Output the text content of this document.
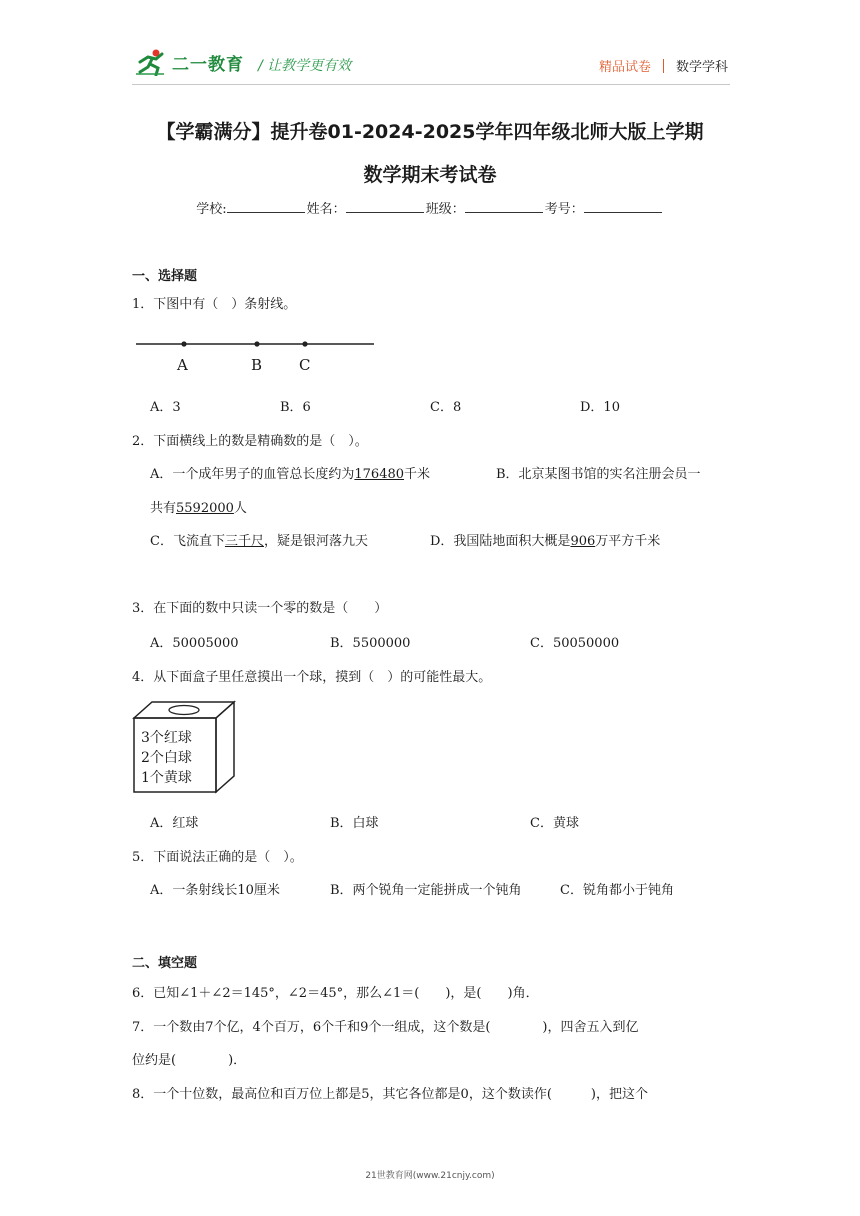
二一教育 / 让教学更有效	精品试卷 数学学科
【学霸满分】提升卷01-2024-2025学年四年级北师大版上学期
数学期末考试卷
学校:	姓名：	班级：	考号：
一、选择题
1．下图中有（　）条射线。
A	B C
A．3	B．6	C．8	D．10
2．下面横线上的数是精确数的是（　）。
A．一个成年男子的血管总长度约为176480千米	B．北京某图书馆的实名注册会员一
共有5592000人
C．飞流直下三千尺，疑是银河落九天	D．我国陆地面积大概是906万平方千米
3．在下面的数中只读一个零的数是（　　）
A．50005000	B．5500000	C．50050000
4．从下面盒子里任意摸出一个球，摸到（　）的可能性最大。
3个红球
2个白球
1个黄球
A．红球	B．白球	C．黄球
5．下面说法正确的是（　）。
A．一条射线长10厘米	B．两个锐角一定能拼成一个钝角	C．锐角都小于钝角
二、填空题
6．已知∠1＋∠2＝145°，∠2＝45°，那么∠1＝(　　)，是(　　)角．
7．一个数由7个亿，4个百万，6个千和9个一组成，这个数是(　　　　)，四舍五入到亿
位约是(　　　　)．
8．一个十位数，最高位和百万位上都是5，其它各位都是0，这个数读作(　　　)，把这个
21世教育网(www.21cnjy.com)
